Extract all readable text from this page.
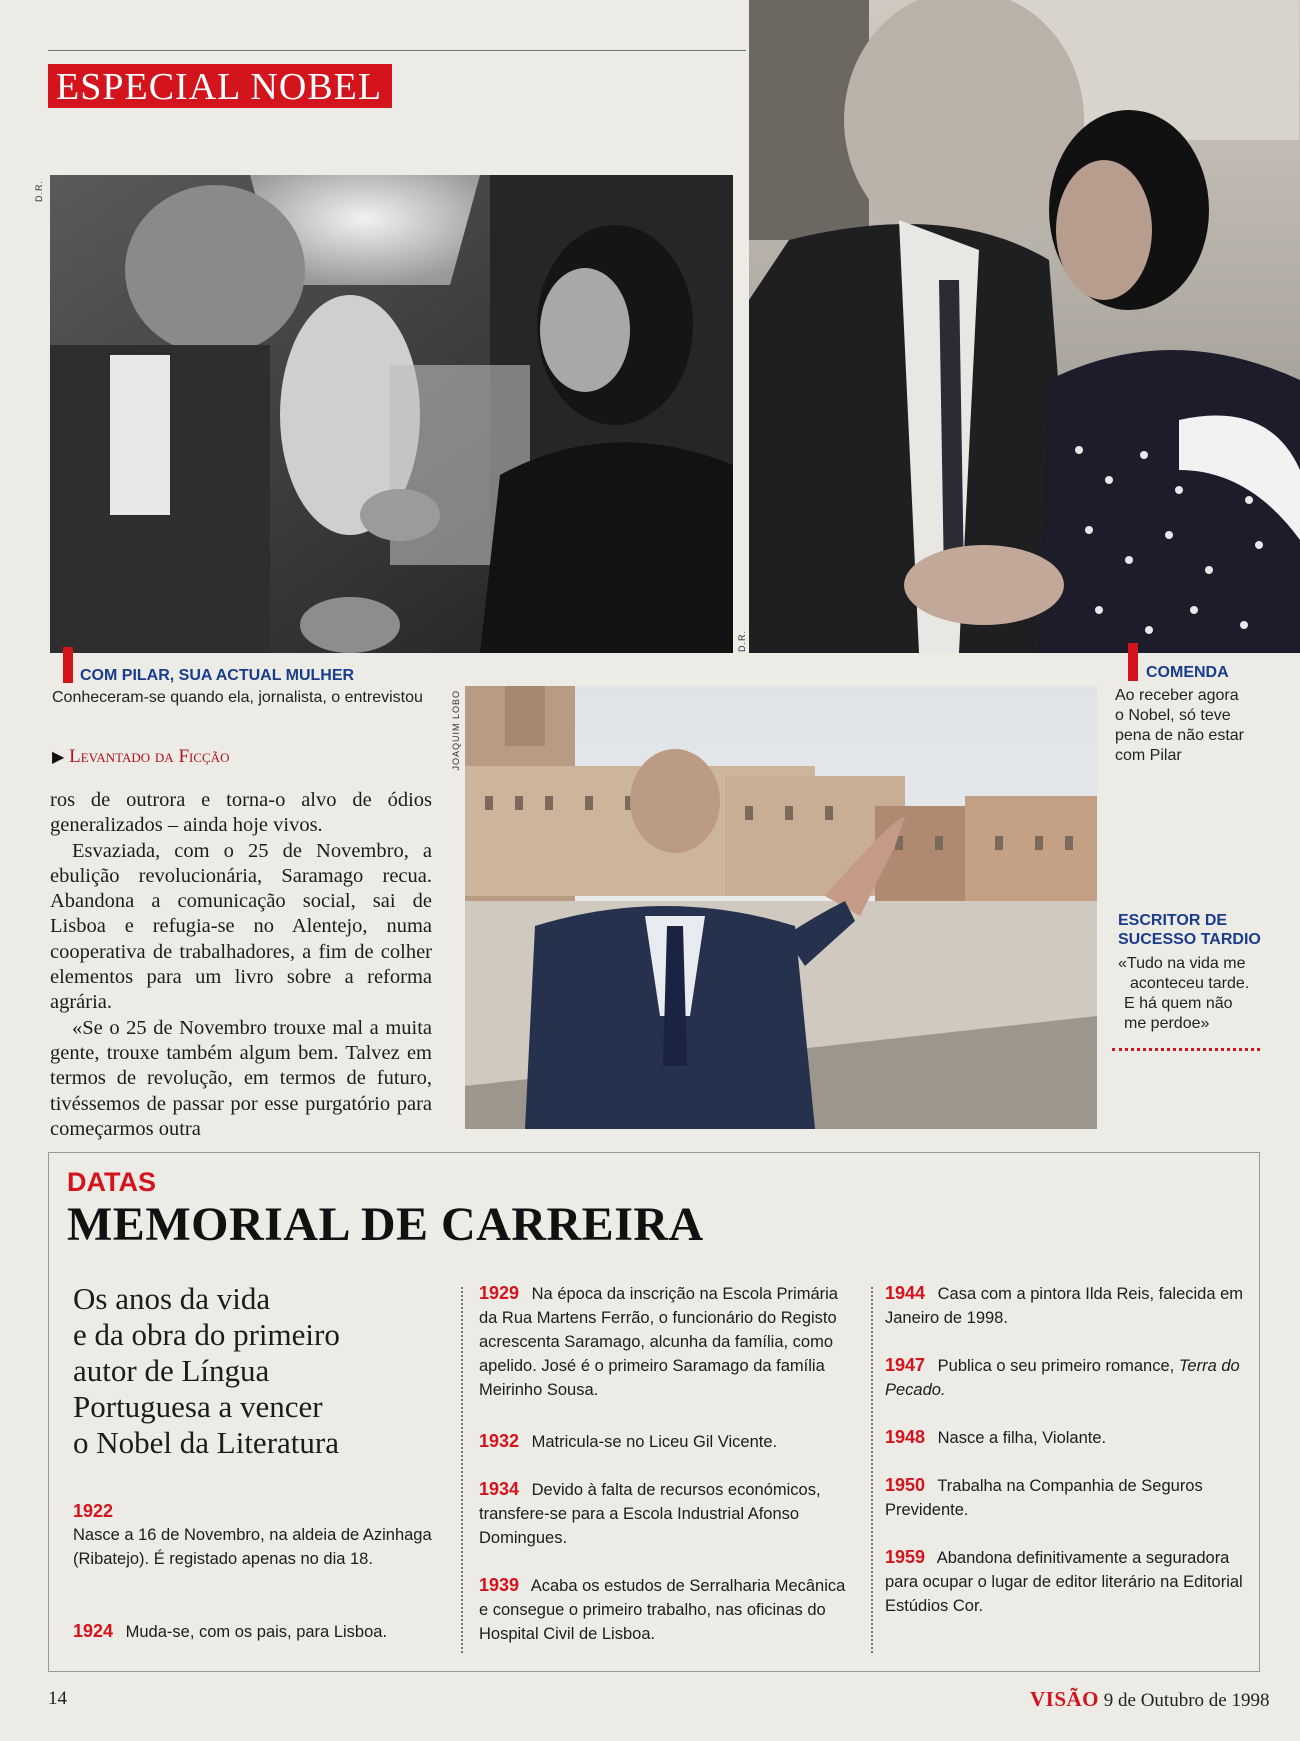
ESPECIAL NOBEL
D.R.
D.R.
COM PILAR, SUA ACTUAL MULHER
Conheceram-se quando ela, jornalista, o entrevistou
COMENDA
Ao receber agora
o Nobel, só teve
pena de não estar
com Pilar
▶ Levantado da Ficção

ros de outrora e torna-o alvo de ódios generalizados – ainda hoje vivos.

Esvaziada, com o 25 de Novembro, a ebulição revolucionária, Saramago recua. Abandona a comunicação social, sai de Lisboa e refugia-se no Alentejo, numa cooperativa de trabalhadores, a fim de colher elementos para um livro sobre a reforma agrária.

«Se o 25 de Novembro trouxe mal a muita gente, trouxe também algum bem. Talvez em termos de revolução, em termos de futuro, tivéssemos de passar por esse purgatório para começarmos outra

JOAQUIM LOBO
ESCRITOR DE
SUCESSO TARDIO
«Tudo na vida me
aconteceu tarde.
E há quem não
me perdoe»
DATAS
MEMORIAL DE CARREIRA
Os anos da vida
e da obra do primeiro
autor de Língua
Portuguesa a vencer
o Nobel da Literatura
1922
Nasce a 16 de Novembro, na aldeia de Azinhaga (Ribatejo). É registado apenas no dia 18.
1924 Muda-se, com os pais, para Lisboa.
1929 Na época da inscrição na Escola Primária da Rua Martens Ferrão, o funcionário do Registo acrescenta Saramago, alcunha da família, como apelido. José é o primeiro Saramago da família Meirinho Sousa.
1932 Matricula-se no Liceu Gil Vicente.
1934 Devido à falta de recursos económicos, transfere-se para a Escola Industrial Afonso Domingues.
1939 Acaba os estudos de Serralharia Mecânica e consegue o primeiro trabalho, nas oficinas do Hospital Civil de Lisboa.
1944 Casa com a pintora Ilda Reis, falecida em Janeiro de 1998.
1947 Publica o seu primeiro romance, Terra do Pecado.
1948 Nasce a filha, Violante.
1950 Trabalha na Companhia de Seguros Previdente.
1959 Abandona definitivamente a seguradora para ocupar o lugar de editor literário na Editorial Estúdios Cor.
14	VISÃO 9 de Outubro de 1998
